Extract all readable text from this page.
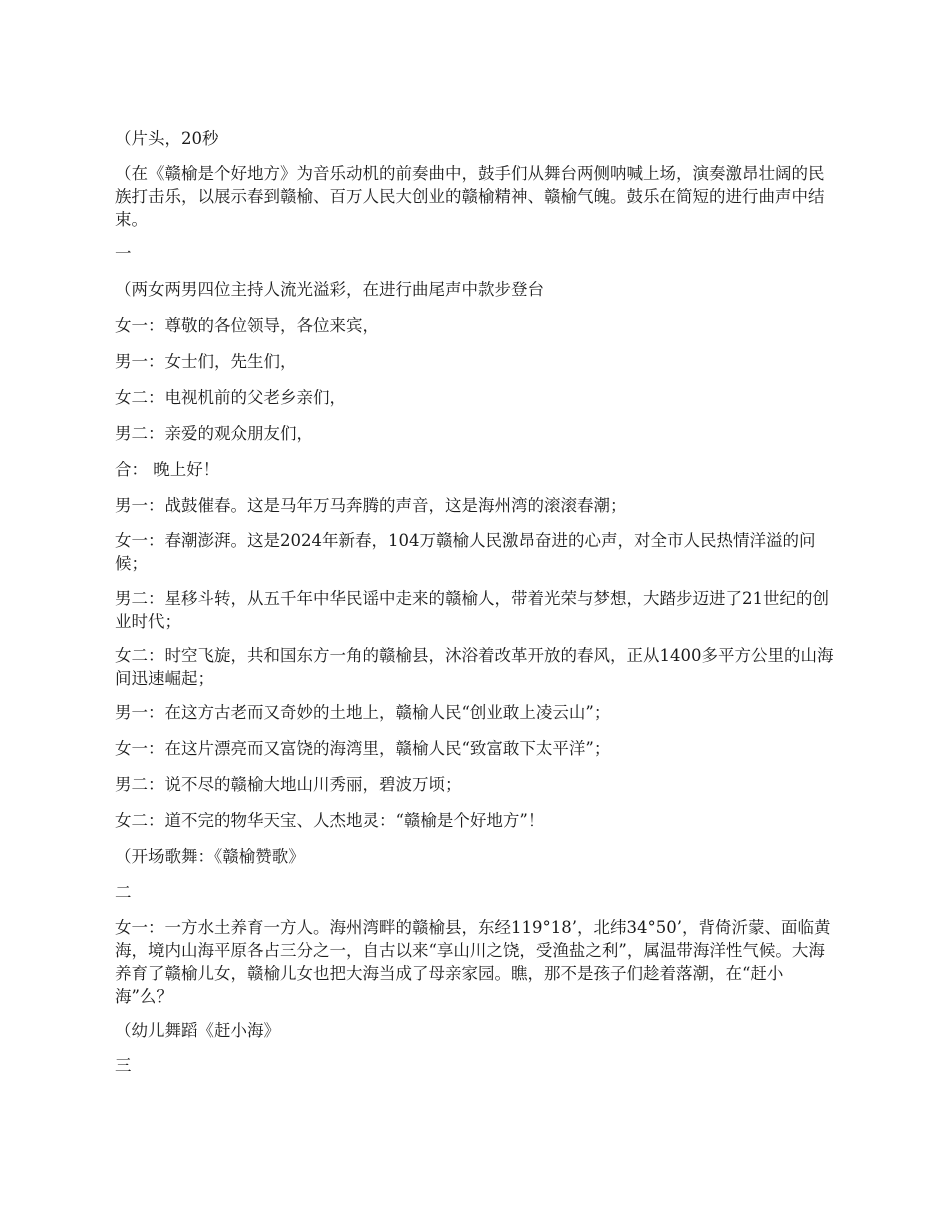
（片头，20秒

（在《赣榆是个好地方》为音乐动机的前奏曲中，鼓手们从舞台两侧呐喊上场，演奏激昂壮阔的民族打击乐，以展示春到赣榆、百万人民大创业的赣榆精神、赣榆气魄。鼓乐在简短的进行曲声中结束。

一

（两女两男四位主持人流光溢彩，在进行曲尾声中款步登台

女一：尊敬的各位领导，各位来宾，

男一：女士们，先生们，

女二：电视机前的父老乡亲们，

男二：亲爱的观众朋友们，

合： 晚上好！

男一：战鼓催春。这是马年万马奔腾的声音，这是海州湾的滚滚春潮；

女一：春潮澎湃。这是2024年新春，104万赣榆人民激昂奋进的心声，对全市人民热情洋溢的问候；

男二：星移斗转，从五千年中华民谣中走来的赣榆人，带着光荣与梦想，大踏步迈进了21世纪的创业时代；

女二：时空飞旋，共和国东方一角的赣榆县，沐浴着改革开放的春风，正从1400多平方公里的山海间迅速崛起；

男一：在这方古老而又奇妙的土地上，赣榆人民“创业敢上凌云山”；

女一：在这片漂亮而又富饶的海湾里，赣榆人民“致富敢下太平洋”；

男二：说不尽的赣榆大地山川秀丽，碧波万顷；

女二：道不完的物华天宝、人杰地灵：“赣榆是个好地方”！

（开场歌舞：《赣榆赞歌》

二

女一：一方水土养育一方人。海州湾畔的赣榆县，东经119°18’，北纬34°50’，背倚沂蒙、面临黄海，境内山海平原各占三分之一，自古以来“享山川之饶，受渔盐之利”，属温带海洋性气候。大海养育了赣榆儿女，赣榆儿女也把大海当成了母亲家园。瞧，那不是孩子们趁着落潮，在“赶小海”么？

（幼儿舞蹈《赶小海》

三
